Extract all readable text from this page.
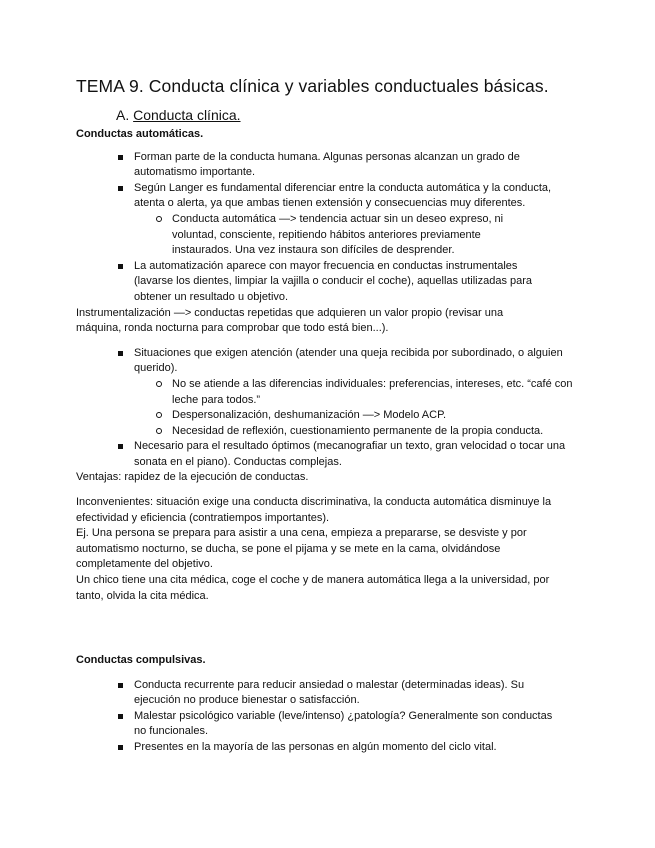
TEMA 9. Conducta clínica y variables conductuales básicas.
A. Conducta clínica.
Conductas automáticas.
Forman parte de la conducta humana. Algunas personas alcanzan un grado de automatismo importante.
Según Langer es fundamental diferenciar entre la conducta automática y la conducta, atenta o alerta, ya que ambas tienen extensión y consecuencias muy diferentes.
Conducta automática —> tendencia actuar sin un deseo expreso, ni voluntad, consciente, repitiendo hábitos anteriores previamente instaurados. Una vez instaura son difíciles de desprender.
La automatización aparece con mayor frecuencia en conductas instrumentales (lavarse los dientes, limpiar la vajilla o conducir el coche), aquellas utilizadas para obtener un resultado u objetivo.

Instrumentalización —> conductas repetidas que adquieren un valor propio (revisar una máquina, ronda nocturna para comprobar que todo está bien...).

Situaciones que exigen atención (atender una queja recibida por subordinado, o alguien querido).
No se atiende a las diferencias individuales: preferencias, intereses, etc. “café con leche para todos.”
Despersonalización, deshumanización —> Modelo ACP.
Necesidad de reflexión, cuestionamiento permanente de la propia conducta.
Necesario para el resultado óptimos (mecanografiar un texto, gran velocidad o tocar una sonata en el piano). Conductas complejas.

Ventajas: rapidez de la ejecución de conductas.

Inconvenientes: situación exige una conducta discriminativa, la conducta automática disminuye la efectividad y eficiencia (contratiempos importantes).

Ej. Una persona se prepara para asistir a una cena, empieza a prepararse, se desviste y por automatismo nocturno, se ducha, se pone el pijama y se mete en la cama, olvidándose completamente del objetivo.

Un chico tiene una cita médica, coge el coche y de manera automática llega a la universidad, por tanto, olvida la cita médica.

Conductas compulsivas.
Conducta recurrente para reducir ansiedad o malestar (determinadas ideas). Su ejecución no produce bienestar o satisfacción.
Malestar psicológico variable (leve/intenso) ¿patología? Generalmente son conductas no funcionales.
Presentes en la mayoría de las personas en algún momento del ciclo vital.
